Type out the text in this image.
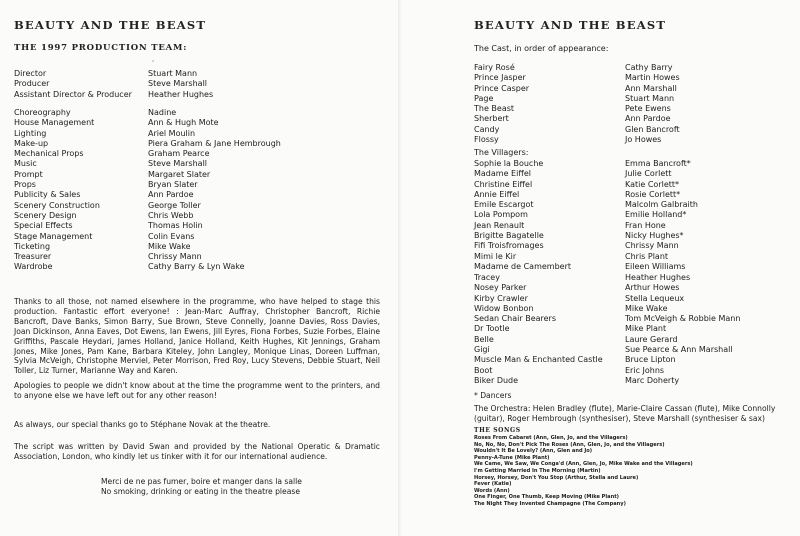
BEAUTY AND THE BEAST
THE 1997 PRODUCTION TEAM:
,
Director	Stuart Mann
Producer	Steve Marshall
Assistant Director & Producer	Heather Hughes
Choreography	Nadine
House Management	Ann & Hugh Mote
Lighting	Ariel Moulin
Make-up	Piera Graham & Jane Hembrough
Mechanical Props	Graham Pearce
Music	Steve Marshall
Prompt	Margaret Slater
Props	Bryan Slater
Publicity & Sales	Ann Pardoe
Scenery Construction	George Toller
Scenery Design	Chris Webb
Special Effects	Thomas Holin
Stage Management	Colin Evans
Ticketing	Mike Wake
Treasurer	Chrissy Mann
Wardrobe	Cathy Barry & Lyn Wake

Thanks to all those, not named elsewhere in the programme, who have helped to stage this production. Fantastic effort everyone! : Jean-Marc Auffray, Christopher Bancroft, Richie Bancroft, Dave Banks, Simon Barry, Sue Brown, Steve Connelly, Joanne Davies, Ross Davies, Joan Dickinson, Anna Eaves, Dot Ewens, Ian Ewens, Jill Eyres, Fiona Forbes, Suzie Forbes, Elaine Griffiths, Pascale Heydari, James Holland, Janice Holland, Keith Hughes, Kit Jennings, Graham Jones, Mike Jones, Pam Kane, Barbara Kiteley, John Langley, Monique Linas, Doreen Luffman, Sylvia McVeigh, Christophe Merviel, Peter Morrison, Fred Roy, Lucy Stevens, Debbie Stuart, Neil Toller, Liz Turner, Marianne Way and Karen.

Apologies to people we didn't know about at the time the programme went to the printers, and to anyone else we have left out for any other reason!

As always, our special thanks go to Stéphane Novak at the theatre.

The script was written by David Swan and provided by the National Operatic & Dramatic Association, London, who kindly let us tinker with it for our international audience.

Merci de ne pas fumer, boire et manger dans la salle

No smoking, drinking or eating in the theatre please

BEAUTY AND THE BEAST
The Cast, in order of appearance:
Fairy Rosé	Cathy Barry
Prince Jasper	Martin Howes
Prince Casper	Ann Marshall
Page	Stuart Mann
The Beast	Pete Ewens
Sherbert	Ann Pardoe
Candy	Glen Bancroft
Flossy	Jo Howes
The Villagers:
Sophie la Bouche	Emma Bancroft*
Madame Eiffel	Julie Corlett
Christine Eiffel	Katie Corlett*
Annie Eiffel	Rosie Corlett*
Emile Escargot	Malcolm Galbraith
Lola Pompom	Emilie Holland*
Jean Renault	Fran Hone
Brigitte Bagatelle	Nicky Hughes*
Fifi Troisfromages	Chrissy Mann
Mimi le Kir	Chris Plant
Madame de Camembert	Eileen Williams
Tracey	Heather Hughes
Nosey Parker	Arthur Howes
Kirby Crawler	Stella Lequeux
Widow Bonbon	Mike Wake
Sedan Chair Bearers	Tom McVeigh & Robbie Mann
Dr Tootle	Mike Plant
Belle	Laure Gerard
Gigi	Sue Pearce & Ann Marshall
Muscle Man & Enchanted Castle	Bruce Lipton
Boot	Eric Johns
Biker Dude	Marc Doherty
* Dancers

The Orchestra: Helen Bradley (flute), Marie-Claire Cassan (flute), Mike Connolly (guitar), Roger Hembrough (synthesiser), Steve Marshall (synthesiser & sax)

THE SONGS
Roses From Cabaret (Ann, Glen, Jo, and the Villagers)
No, No, No, Don't Pick The Roses (Ann, Glen, Jo, and the Villagers)
Wouldn't It Be Lovely? (Ann, Glen and Jo)
Penny-A-Tune (Mike Plant)
We Came, We Saw, We Conga'd (Ann, Glen, Jo, Mike Wake and the Villagers)
I'm Getting Married In The Morning (Martin)
Horsey, Horsey, Don't You Stop (Arthur, Stella and Laure)
Fever (Katie)
Words (Ann)
One Finger, One Thumb, Keep Moving (Mike Plant)
The Night They Invented Champagne (The Company)
